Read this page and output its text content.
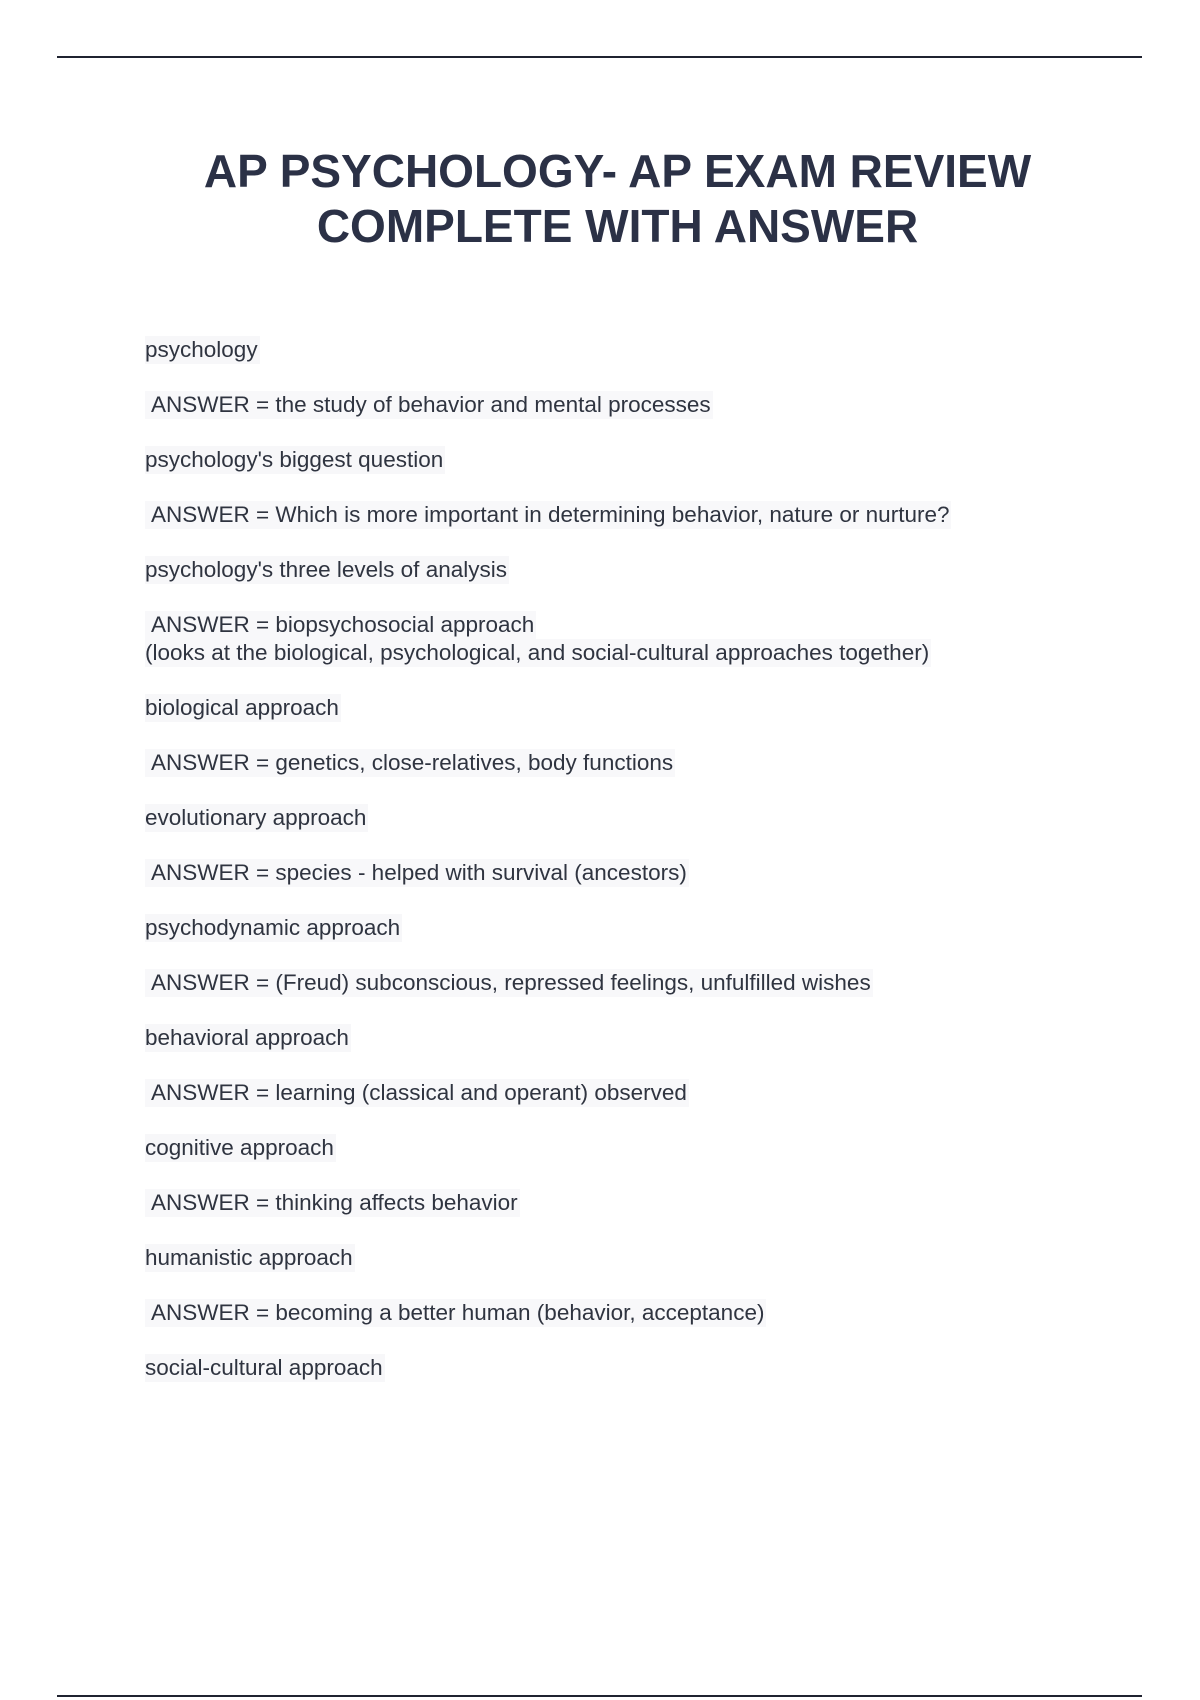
AP PSYCHOLOGY- AP EXAM REVIEW
COMPLETE WITH ANSWER
psychology
ANSWER = the study of behavior and mental processes
psychology's biggest question
ANSWER = Which is more important in determining behavior, nature or nurture?
psychology's three levels of analysis
ANSWER = biopsychosocial approach
(looks at the biological, psychological, and social-cultural approaches together)
biological approach
ANSWER = genetics, close-relatives, body functions
evolutionary approach
ANSWER = species - helped with survival (ancestors)
psychodynamic approach
ANSWER = (Freud) subconscious, repressed feelings, unfulfilled wishes
behavioral approach
ANSWER = learning (classical and operant) observed
cognitive approach
ANSWER = thinking affects behavior
humanistic approach
ANSWER = becoming a better human (behavior, acceptance)
social-cultural approach
